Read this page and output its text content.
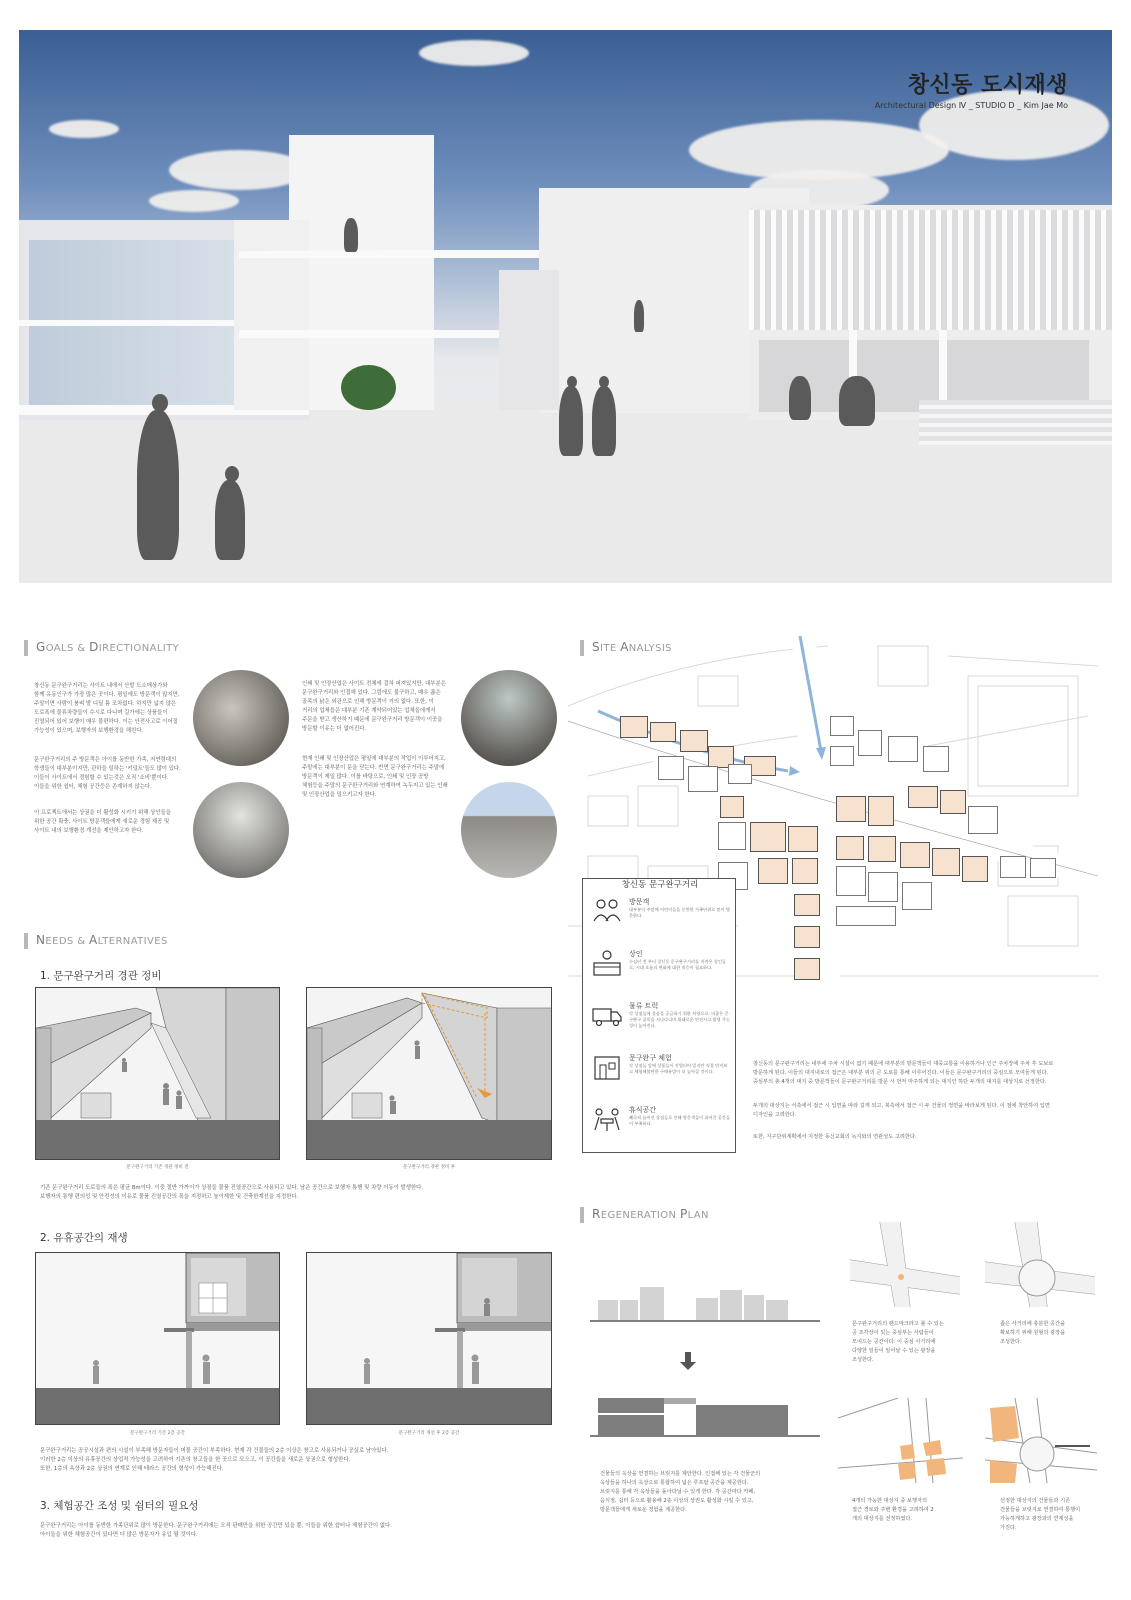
창신동 도시재생
Architectural Design Ⅳ _ STUDIO D _ Kim Jae Mo
GOALS & DIRECTIONALITY
창신동 문구완구거리는 사이트 내에서 산발 도소매상가와
함께 유동인구가 가장 많은 곳이다. 평일에도 방문객이 많지만,
주말이면 사람이 붐벼 발 디딜 틈 조차없다. 하지만 넓지 않은
도로폭에 물류차량들이 수시로 다니며 길가에는 상품들이
진열되어 있어 보행이 매우 불편하다. 이는 안전사고로 이어질
가능성이 있으며, 보행자의 보행환경을 해친다.
문구완구거리의 주 방문객은 아이를 동반한 가족, 저연령대의
학생들이 대부분이지만, 관하들 일하는 '키덜트'들도 많이 있다.
이들이 사이트에서 경험할 수 있는것은 오직 '소비'뿐이다.
이들을 위한 쉼터, 체험 공간등은 존재하지 않는다.
이 프로젝트에서는 상권을 더 활성화 시키기 위해 상인들을
위한 공간 확충, 사이트 방문객들에게 새로운 경험 제공 및
사이트 내의 보행환경 개선을 제안하고자 한다.
인쇄 및 인장산업은 사이트 전체에 걸쳐 퍼져있지만, 대부분은
문구완구거리와 인접해 있다. 그럼에도 불구하고, 매우 좁은
골목의 낡은 외관으로 인해 방문객이 거의 없다. 또한, 이
거리의 업체들은 대부분 기존 계약되어있는 업체들에게서
주문을 받고 생산하기 때문에 문구완구거리 방문객이 이곳을
방문할 이유는 더 없어진다.
현재 인쇄 및 인장산업은 평일에 대부분의 작업이 이루어지고,
주말에는 대부분이 문을 닫는다. 반면 문구완구거리는 주말에
방문객이 제일 많다. 이를 바탕으로, 인쇄 및 인장 공방
체험등을 주말의 문구완구거리와 연계하여 녹두지고 있는 인쇄
및 인장산업을 일으키고자 한다.
NEEDS & ALTERNATIVES
1. 문구완구거리 경관 정비
문구완구거리 기존 경관 정비 전	문구완구거리 경관 정비 후
기존 문구완구거리 도로들의 폭은 평균 8m이다. 이중 절반 가까이가 상점들 물품 진열공간으로 사용되고 있다. 남은 공간으로 보행자 통행 및 차량 이동이 발생한다.
보행자의 통행 편의성 및 안전성의 이유로 물품 진열공간의 폭을 지정하고 높이제한 및 건축한계선을 지정한다.
2. 유휴공간의 재생
문구완구거리 기존 2층 공간	문구완구거리 개선 후 2층 공간
문구완구거리는 공공시설과 편의 시설이 부족해 방문자들이 머물 공간이 부족하다. 현재 각 건물들의 2층 이상은 창고로 사용되거나 공실로 남아있다.
이러한 2층 이상의 유휴공간의 상업적 가능성을 고려하여 기존의 창고들을 한 곳으로 모으고, 이 공간들을 새로운 상권으로 형성한다.
또한, 1층의 옥상과 2층 상권의 연계로 인해 테라스 공간의 형성이 가능해진다.
3. 체험공간 조성 및 쉼터의 필요성
문구완구거리는 아이를 동반한 가족단위로 많이 방문한다. 문구완구거리에는 오직 판매만을 위한 공간만 있을 뿐, 이들을 위한 쉼터나 체험공간이 없다.
아이들을 위한 체험공간이 있다면 더 많은 방문자가 유입 될 것이다.
SITE ANALYSIS
창신동 문구완구거리
방문객
대부분이 주말에 어린이들을 동반한 가족단위로 많이 방문한다.
상인
수십년 전 부터 창신동 문구완구거리를 지켜온 상인들로, 시대 흐름의 변화에 대한 적응이 필요하다.
물류 트럭
각 상점들에 물품을 공급하기 위한 차량으로, 비좁은 문구완구 골목을 지나다니며 위태로운 안전사고 발생 가능성이 높아진다.
문구완구 체험
각 상점들 앞에 상품들이 진열되어 있지만 직접 만져보고 체험해볼만한 구매유발이 더 높아질 것이다.
휴식공간
빼곡히 늘어선 상점들로 인해 방문객들이 쉬어갈 공간들이 부족하다.
창신동의 문구완구거리는 내부에 주차 시설이 없기 때문에 대부분의 방문객들이 대중교통을 이용하거나 인근 주차장에 주차 후 도보로
방문하게 된다. 이들의 대지내로의 접근은 대부분 위의 큰 도로를 통해 이루어진다. 이들은 문구완구거리의 중심으로 모여들게 된다.
중심부의 총 4개의 대지 중 방문객들이 문구완구거리를 방문 시 먼저 마주하게 되는 대지인 하단 두개의 대지를 대상지로 선정한다.
두개의 대상지는 서측에서 접근 시 입면을 따라 길게 되고, 북측에서 접근 시 두 건물의 정면을 바라보게 된다. 이 점에 착안하여 입면
디자인을 고려한다.
또한, 지구단위계획에서 지정한 동신교회의 녹지와의 연관성도 고려한다.
REGENERATION PLAN
건물들의 옥상을 연결하는 브릿지를 제안한다. 인접해 있는 각 건물군의
옥상들을 하나의 옥상으로 통합하여 넓은 루프탑 공간을 제공한다.
브릿지를 통해 각 옥상들을 돌아다닐 수 있게 한다. 각 공간마다 카페,
음식점, 쉼터 등으로 활용해 2층 이상의 상권도 활성화 시킬 수 있고,
방문객들에게 새로운 경험을 제공한다.
문구완구거리의 랜드마크라고 볼 수 있는
공 조각상이 있는 중심부는 사람들이
모여드는 공간이다. 이 중심 사거리에
다양한 일들이 일어날 수 있는 광장을
조성한다.
좁은 사거리에 충분한 공간을
확보하기 위해 원형의 광장을
조성한다.
4개의 가능한 대상지 중 보행자의
접근 경로와 주변 환경을 고려하여 2
개의 대상지를 선정하였다.
선정한 대상지의 건물들과 기존
건물들을 브릿지로 연결하여 통행이
가능하게하고 광장과의 연계성을
가진다.
